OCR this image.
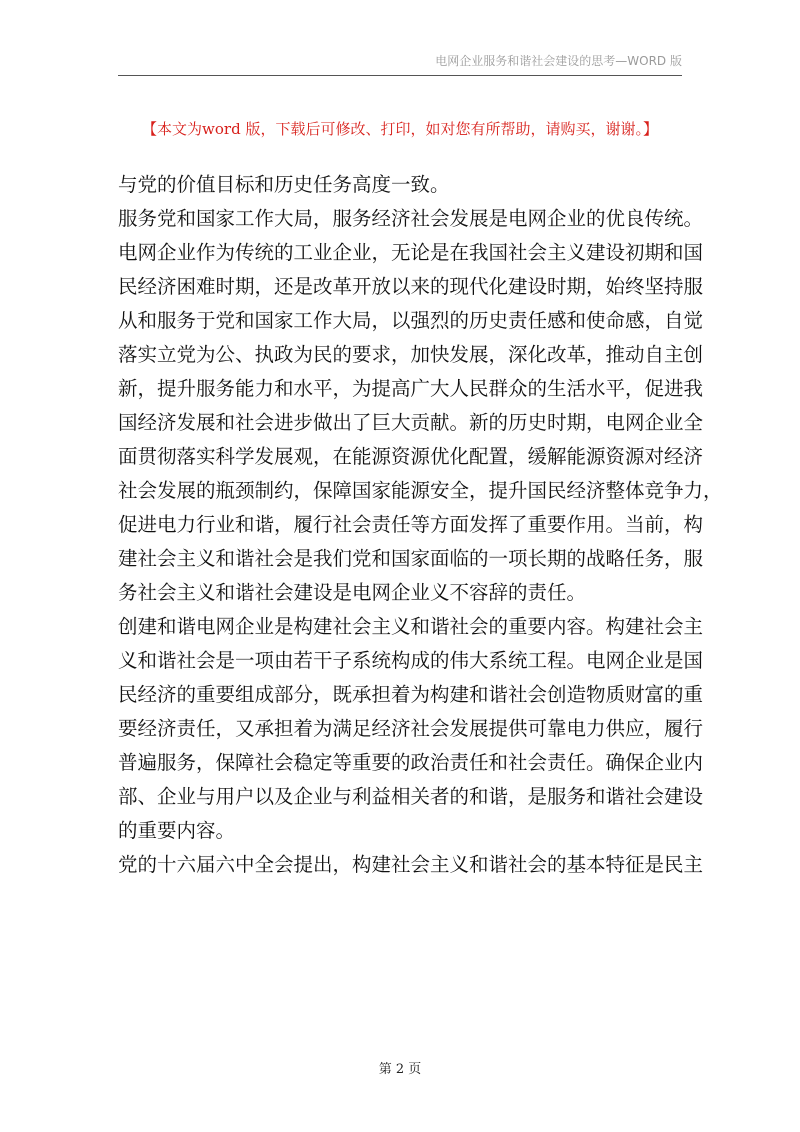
电网企业服务和谐社会建设的思考—WORD 版
【本文为word 版，下载后可修改、打印，如对您有所帮助，请购买，谢谢。】
与党的价值目标和历史任务高度一致。
服务党和国家工作大局，服务经济社会发展是电网企业的优良传统。
电网企业作为传统的工业企业，无论是在我国社会主义建设初期和国
民经济困难时期，还是改革开放以来的现代化建设时期，始终坚持服
从和服务于党和国家工作大局，以强烈的历史责任感和使命感，自觉
落实立党为公、执政为民的要求，加快发展，深化改革，推动自主创
新，提升服务能力和水平，为提高广大人民群众的生活水平，促进我
国经济发展和社会进步做出了巨大贡献。新的历史时期，电网企业全
面贯彻落实科学发展观，在能源资源优化配置，缓解能源资源对经济
社会发展的瓶颈制约，保障国家能源安全，提升国民经济整体竞争力，
促进电力行业和谐，履行社会责任等方面发挥了重要作用。当前，构
建社会主义和谐社会是我们党和国家面临的一项长期的战略任务，服
务社会主义和谐社会建设是电网企业义不容辞的责任。
创建和谐电网企业是构建社会主义和谐社会的重要内容。构建社会主
义和谐社会是一项由若干子系统构成的伟大系统工程。电网企业是国
民经济的重要组成部分，既承担着为构建和谐社会创造物质财富的重
要经济责任，又承担着为满足经济社会发展提供可靠电力供应，履行
普遍服务，保障社会稳定等重要的政治责任和社会责任。确保企业内
部、企业与用户以及企业与利益相关者的和谐，是服务和谐社会建设
的重要内容。
党的十六届六中全会提出，构建社会主义和谐社会的基本特征是民主
第 2 页
